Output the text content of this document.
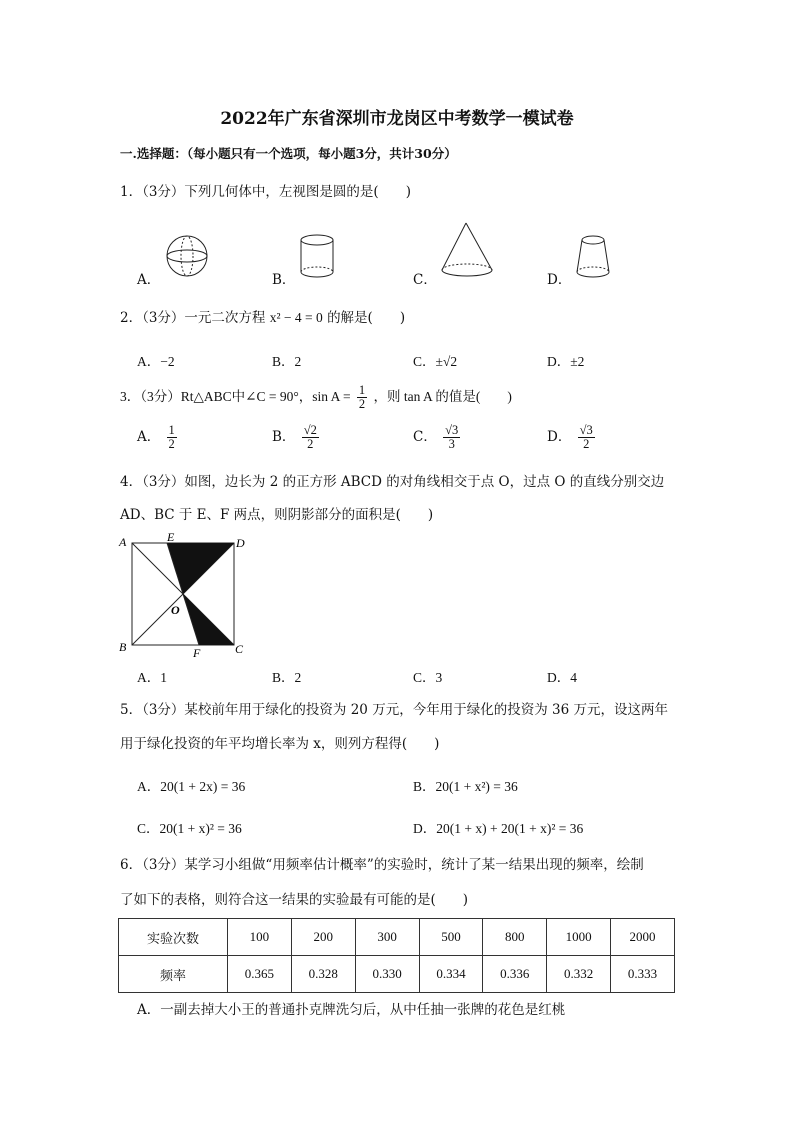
2022年广东省深圳市龙岗区中考数学一模试卷
一.选择题：（每小题只有一个选项，每小题3分，共计30分）
1．（3分）下列几何体中，左视图是圆的是(　　)
A．	B．	C．	D．
2．（3分）一元二次方程 x² − 4 = 0 的解是(　　)
A．−2	B．2	C．±√2	D．±2
3．（3分）Rt△ABC中∠C = 90°，$\sin A = \frac{1}{2}$ ，则 tan A 的值是(　　)
A． $\frac{1}{2}$	B． $\frac{√2}{2}$	C． $\frac{√3}{3}$	D． $\frac{√3}{2}$
4．（3分）如图，边长为 2 的正方形 ABCD 的对角线相交于点 O，过点 O 的直线分别交边
AD、BC 于 E、F 两点，则阴影部分的面积是(　　)
A	E	D
O
B	F	C
A．1	B．2	C．3	D．4
5．（3分）某校前年用于绿化的投资为 20 万元，今年用于绿化的投资为 36 万元，设这两年
用于绿化投资的年平均增长率为 x，则列方程得(　　)
A．20(1 + 2x) = 36	B．20(1 + x²) = 36
C．20(1 + x)² = 36	D．20(1 + x) + 20(1 + x)² = 36
6．（3分）某学习小组做“用频率估计概率”的实验时，统计了某一结果出现的频率，绘制
了如下的表格，则符合这一结果的实验最有可能的是(　　)
实验次数	100	200	300	500	800	1000	2000
频率	0.365	0.328	0.330	0.334	0.336	0.332	0.333
A．一副去掉大小王的普通扑克牌洗匀后，从中任抽一张牌的花色是红桃
